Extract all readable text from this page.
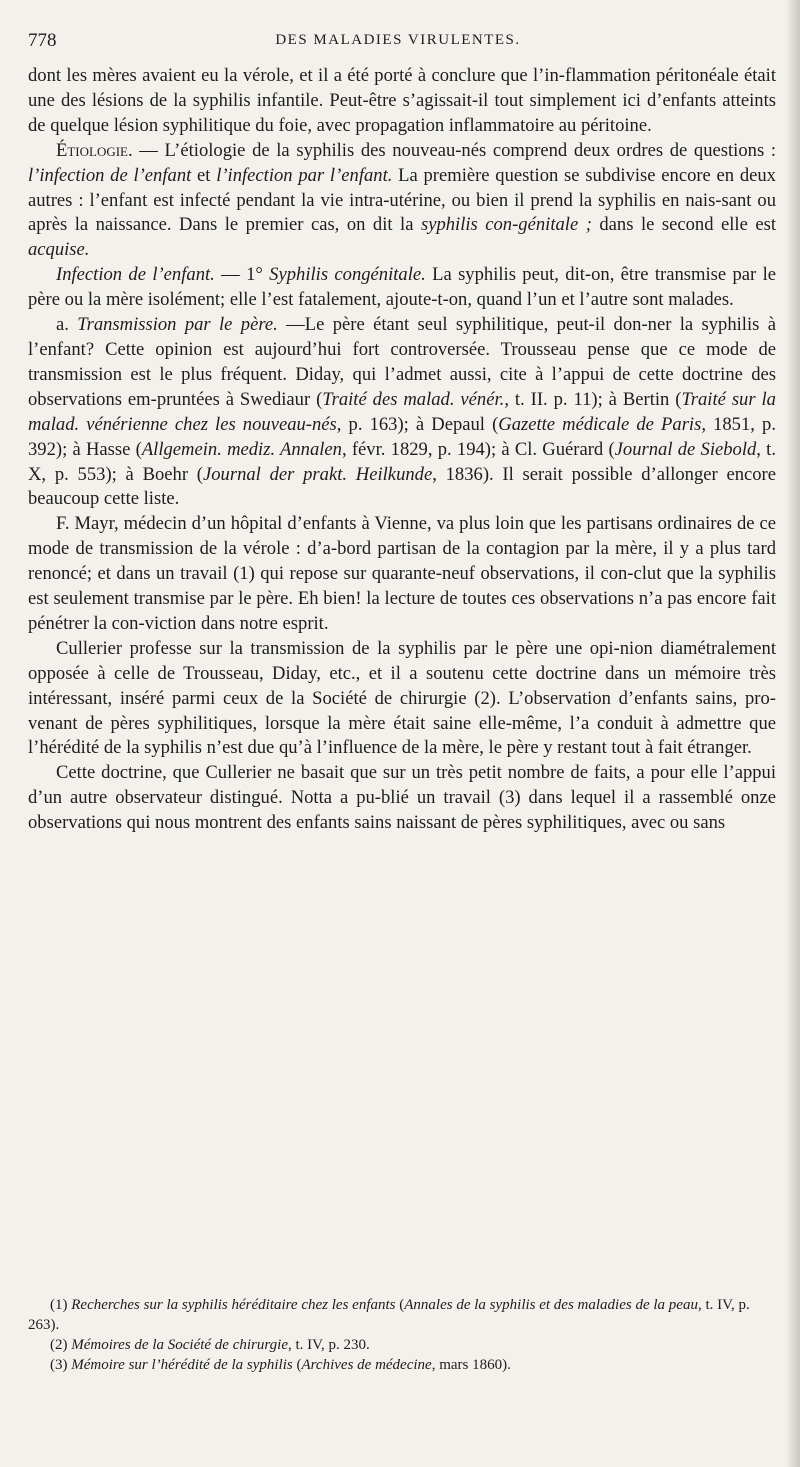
778	DES MALADIES VIRULENTES.

dont les mères avaient eu la vérole, et il a été porté à conclure que l’in-flammation péritonéale était une des lésions de la syphilis infantile. Peut-être s’agissait-il tout simplement ici d’enfants atteints de quelque lésion syphilitique du foie, avec propagation inflammatoire au péritoine.

Étiologie. — L’étiologie de la syphilis des nouveau-nés comprend deux ordres de questions : l’infection de l’enfant et l’infection par l’enfant. La première question se subdivise encore en deux autres : l’enfant est infecté pendant la vie intra-utérine, ou bien il prend la syphilis en nais-sant ou après la naissance. Dans le premier cas, on dit la syphilis con-génitale ; dans le second elle est acquise.

Infection de l’enfant. — 1° Syphilis congénitale. La syphilis peut, dit-on, être transmise par le père ou la mère isolément; elle l’est fatalement, ajoute-t-on, quand l’un et l’autre sont malades.

a. Transmission par le père. —Le père étant seul syphilitique, peut-il don-ner la syphilis à l’enfant? Cette opinion est aujourd’hui fort controversée. Trousseau pense que ce mode de transmission est le plus fréquent. Diday, qui l’admet aussi, cite à l’appui de cette doctrine des observations em-pruntées à Swediaur (Traité des malad. vénér., t. II. p. 11); à Bertin (Traité sur la malad. vénérienne chez les nouveau-nés, p. 163); à Depaul (Gazette médicale de Paris, 1851, p. 392); à Hasse (Allgemein. mediz. Annalen, févr. 1829, p. 194); à Cl. Guérard (Journal de Siebold, t. X, p. 553); à Boehr (Journal der prakt. Heilkunde, 1836). Il serait possible d’allonger encore beaucoup cette liste.

F. Mayr, médecin d’un hôpital d’enfants à Vienne, va plus loin que les partisans ordinaires de ce mode de transmission de la vérole : d’a-bord partisan de la contagion par la mère, il y a plus tard renoncé; et dans un travail (1) qui repose sur quarante-neuf observations, il con-clut que la syphilis est seulement transmise par le père. Eh bien! la lecture de toutes ces observations n’a pas encore fait pénétrer la con-viction dans notre esprit.

Cullerier professe sur la transmission de la syphilis par le père une opi-nion diamétralement opposée à celle de Trousseau, Diday, etc., et il a soutenu cette doctrine dans un mémoire très intéressant, inséré parmi ceux de la Société de chirurgie (2). L’observation d’enfants sains, pro-venant de pères syphilitiques, lorsque la mère était saine elle-même, l’a conduit à admettre que l’hérédité de la syphilis n’est due qu’à l’influence de la mère, le père y restant tout à fait étranger.

Cette doctrine, que Cullerier ne basait que sur un très petit nombre de faits, a pour elle l’appui d’un autre observateur distingué. Notta a pu-blié un travail (3) dans lequel il a rassemblé onze observations qui nous montrent des enfants sains naissant de pères syphilitiques, avec ou sans

(1) Recherches sur la syphilis héréditaire chez les enfants (Annales de la syphilis et des maladies de la peau, t. IV, p. 263).

(2) Mémoires de la Société de chirurgie, t. IV, p. 230.

(3) Mémoire sur l’hérédité de la syphilis (Archives de médecine, mars 1860).
